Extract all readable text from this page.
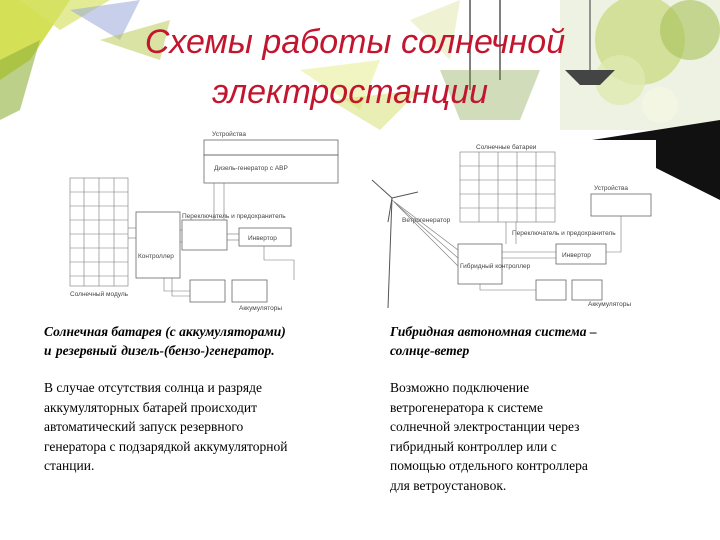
Схемы работы солнечной
электростанции
Устройства
Дизель-генератор с АВР
Переключатель и предохранитель
Инвертор
Контроллер
Солнечный модуль
Аккумуляторы
Солнечные батареи
Устройства
Ветрогенератор
Переключатель и предохранитель
Инвертор
Гибридный контроллер
Аккумуляторы
Солнечная батарея (с аккумуляторами)
и резервный дизель-(бензо-)генератор.
В случае отсутствия солнца и разряде
аккумуляторных батарей происходит
автоматический запуск резервного
генератора с подзарядкой аккумуляторной
станции.
Гибридная автономная система –
солнце-ветер
Возможно подключение
ветрогенератора к системе
солнечной электростанции через
гибридный контроллер или с
помощью отдельного контроллера
для ветроустановок.
